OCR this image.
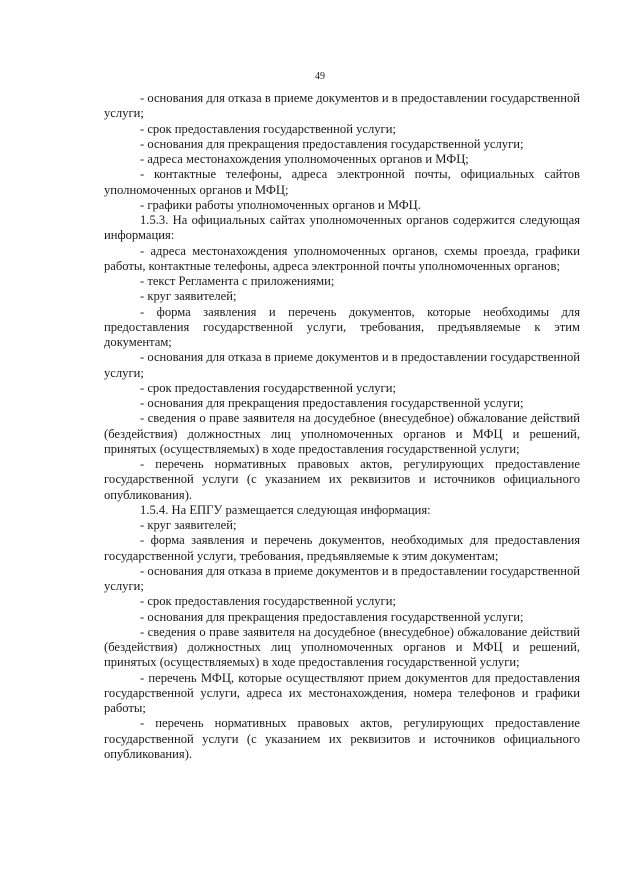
49

- основания для отказа в приеме документов и в предоставлении государственной услуги;

- срок предоставления государственной услуги;

- основания для прекращения предоставления государственной услуги;

- адреса местонахождения уполномоченных органов и МФЦ;

- контактные телефоны, адреса электронной почты, официальных сайтов уполномоченных органов и МФЦ;

- графики работы уполномоченных органов и МФЦ.

1.5.3. На официальных сайтах уполномоченных органов содержится следующая информация:

- адреса местонахождения уполномоченных органов, схемы проезда, графики работы, контактные телефоны, адреса электронной почты уполномоченных органов;

- текст Регламента с приложениями;

- круг заявителей;

- форма заявления и перечень документов, которые необходимы для предоставления государственной услуги, требования, предъявляемые к этим документам;

- основания для отказа в приеме документов и в предоставлении государственной услуги;

- срок предоставления государственной услуги;

- основания для прекращения предоставления государственной услуги;

- сведения о праве заявителя на досудебное (внесудебное) обжалование действий (бездействия) должностных лиц уполномоченных органов и МФЦ и решений, принятых (осуществляемых) в ходе предоставления государственной услуги;

- перечень нормативных правовых актов, регулирующих предоставление государственной услуги (с указанием их реквизитов и источников официального опубликования).

1.5.4. На ЕПГУ размещается следующая информация:

- круг заявителей;

- форма заявления и перечень документов, необходимых для предоставления государственной услуги, требования, предъявляемые к этим документам;

- основания для отказа в приеме документов и в предоставлении государственной услуги;

- срок предоставления государственной услуги;

- основания для прекращения предоставления государственной услуги;

- сведения о праве заявителя на досудебное (внесудебное) обжалование действий (бездействия) должностных лиц уполномоченных органов и МФЦ и решений, принятых (осуществляемых) в ходе предоставления государственной услуги;

- перечень МФЦ, которые осуществляют прием документов для предоставления государственной услуги, адреса их местонахождения, номера телефонов и графики работы;

- перечень нормативных правовых актов, регулирующих предоставление государственной услуги (с указанием их реквизитов и источников официального опубликования).
